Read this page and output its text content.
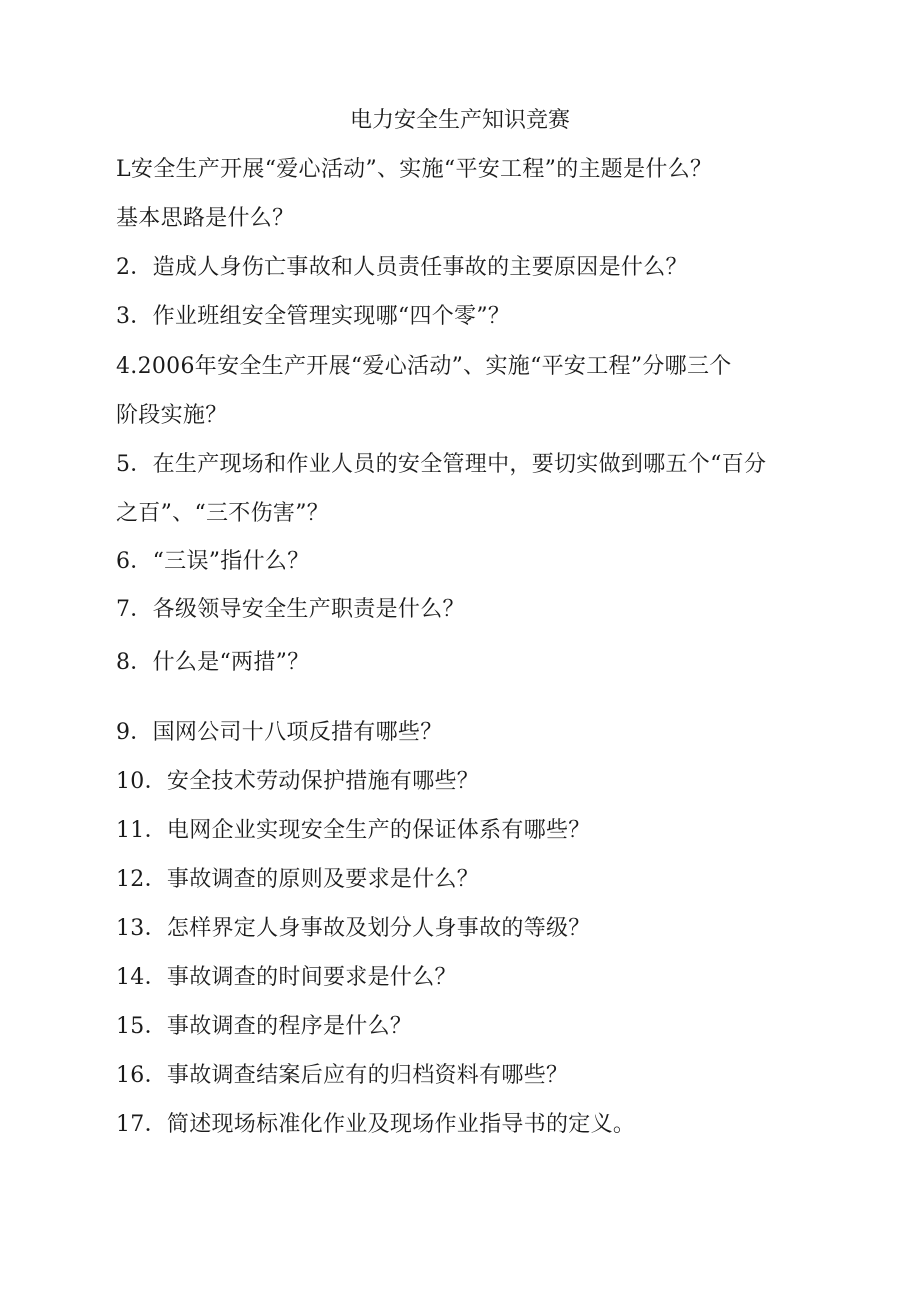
电力安全生产知识竞赛
L安全生产开展“爱心活动”、实施“平安工程”的主题是什么？
基本思路是什么？
2．造成人身伤亡事故和人员责任事故的主要原因是什么？
3．作业班组安全管理实现哪“四个零”？
4.2006年安全生产开展“爱心活动”、实施“平安工程”分哪三个
阶段实施？
5．在生产现场和作业人员的安全管理中，要切实做到哪五个“百分
之百”、“三不伤害”？
6．“三误”指什么？
7．各级领导安全生产职责是什么？
8．什么是“两措”？
9．国网公司十八项反措有哪些？
10．安全技术劳动保护措施有哪些？
11．电网企业实现安全生产的保证体系有哪些？
12．事故调查的原则及要求是什么？
13．怎样界定人身事故及划分人身事故的等级？
14．事故调查的时间要求是什么？
15．事故调查的程序是什么？
16．事故调查结案后应有的归档资料有哪些？
17．简述现场标准化作业及现场作业指导书的定义。
